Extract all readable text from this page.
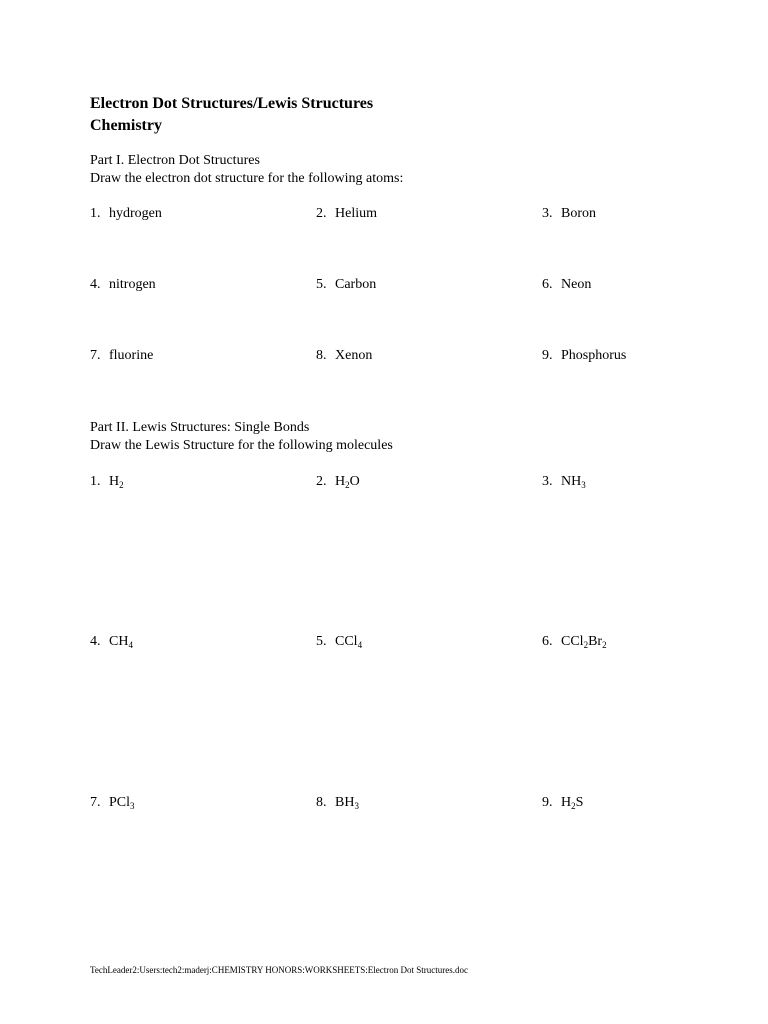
Electron Dot Structures/Lewis Structures
Chemistry
Part I. Electron Dot Structures
Draw the electron dot structure for the following atoms:
1. hydrogen	2. Helium	3. Boron
4. nitrogen	5. Carbon	6. Neon
7. fluorine	8. Xenon	9. Phosphorus
Part II. Lewis Structures: Single Bonds
Draw the Lewis Structure for the following molecules
1. $H_2$	2. $H_2O$	3. $NH_3$
4. $CH_4$	5. CCl$_4$	6. $CCl_2Br_2$
7. PCl$_3$	8. $BH_3$	9. $H_2S$
TechLeader2:Users:tech2:maderj:CHEMISTRY HONORS:WORKSHEETS:Electron Dot Structures.doc
